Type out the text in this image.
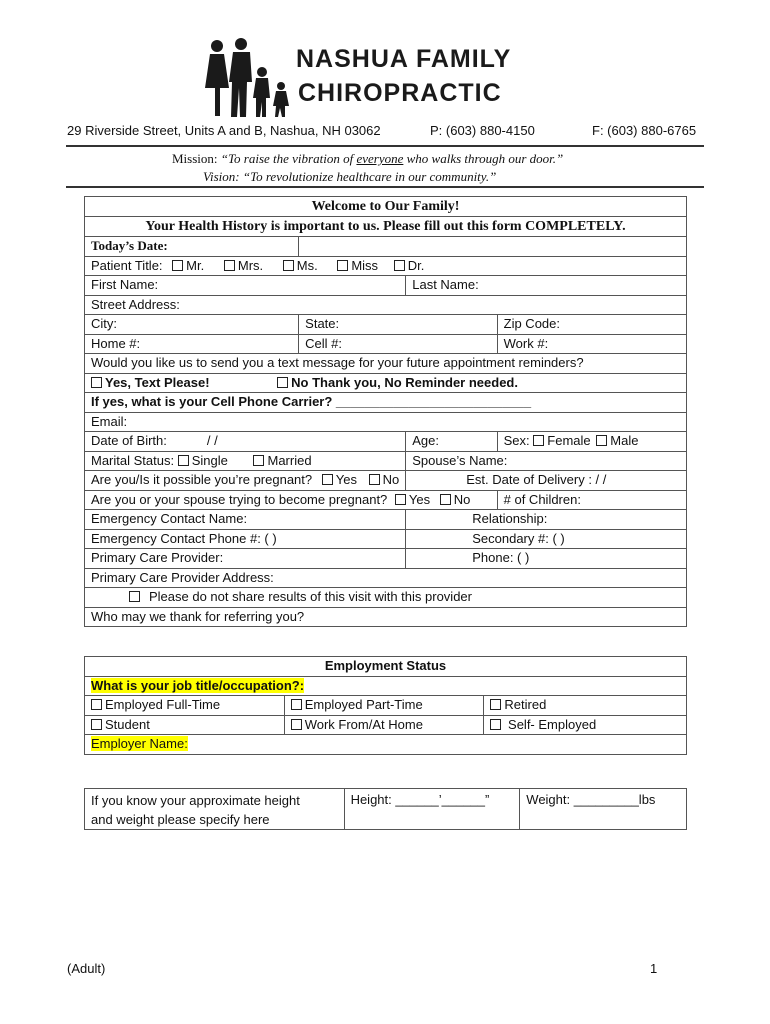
NASHUA FAMILY
CHIROPRACTIC
29 Riverside Street, Units A and B, Nashua, NH 03062	P: (603) 880-4150	F: (603) 880-6765
Mission: “To raise the vibration of everyone who walks through our door.”
Vision: “To revolutionize healthcare in our community.”
Welcome to Our Family!			
Your Health History is important to us. Please fill out this form COMPLETELY.			
Today’s Date:			
Patient Title: Mr. Mrs. Ms. Miss Dr.			
First Name:		Last Name:	
Street Address:			
City:	State:		Zip Code:
Home #:	Cell #:		Work #:
Would you like us to send you a text message for your future appointment reminders?			
Yes, Text Please! No Thank you, No Reminder needed.			
If yes, what is your Cell Phone Carrier? ___________________________			
Email:			
Date of Birth: / /		Age:	Sex: Female Male
Marital Status: Single Married		Spouse’s Name:	
Are you/Is it possible you’re pregnant? Yes No		Est. Date of Delivery : / /	
Are you or your spouse trying to become pregnant? Yes No			# of Children:
Emergency Contact Name:		Relationship:	
Emergency Contact Phone #: ( )		Secondary #: ( )	
Primary Care Provider:		Phone: ( )	
Primary Care Provider Address:			
Please do not share results of this visit with this provider			
Who may we thank for referring you?			
Employment Status		
What is your job title/occupation?:		
Employed Full-Time	Employed Part-Time	Retired
Student	Work From/At Home	Self- Employed
Employer Name:		
If you know your approximate height
and weight please specify here
	Height: ______’______”	Weight: _________lbs
(Adult)	1
